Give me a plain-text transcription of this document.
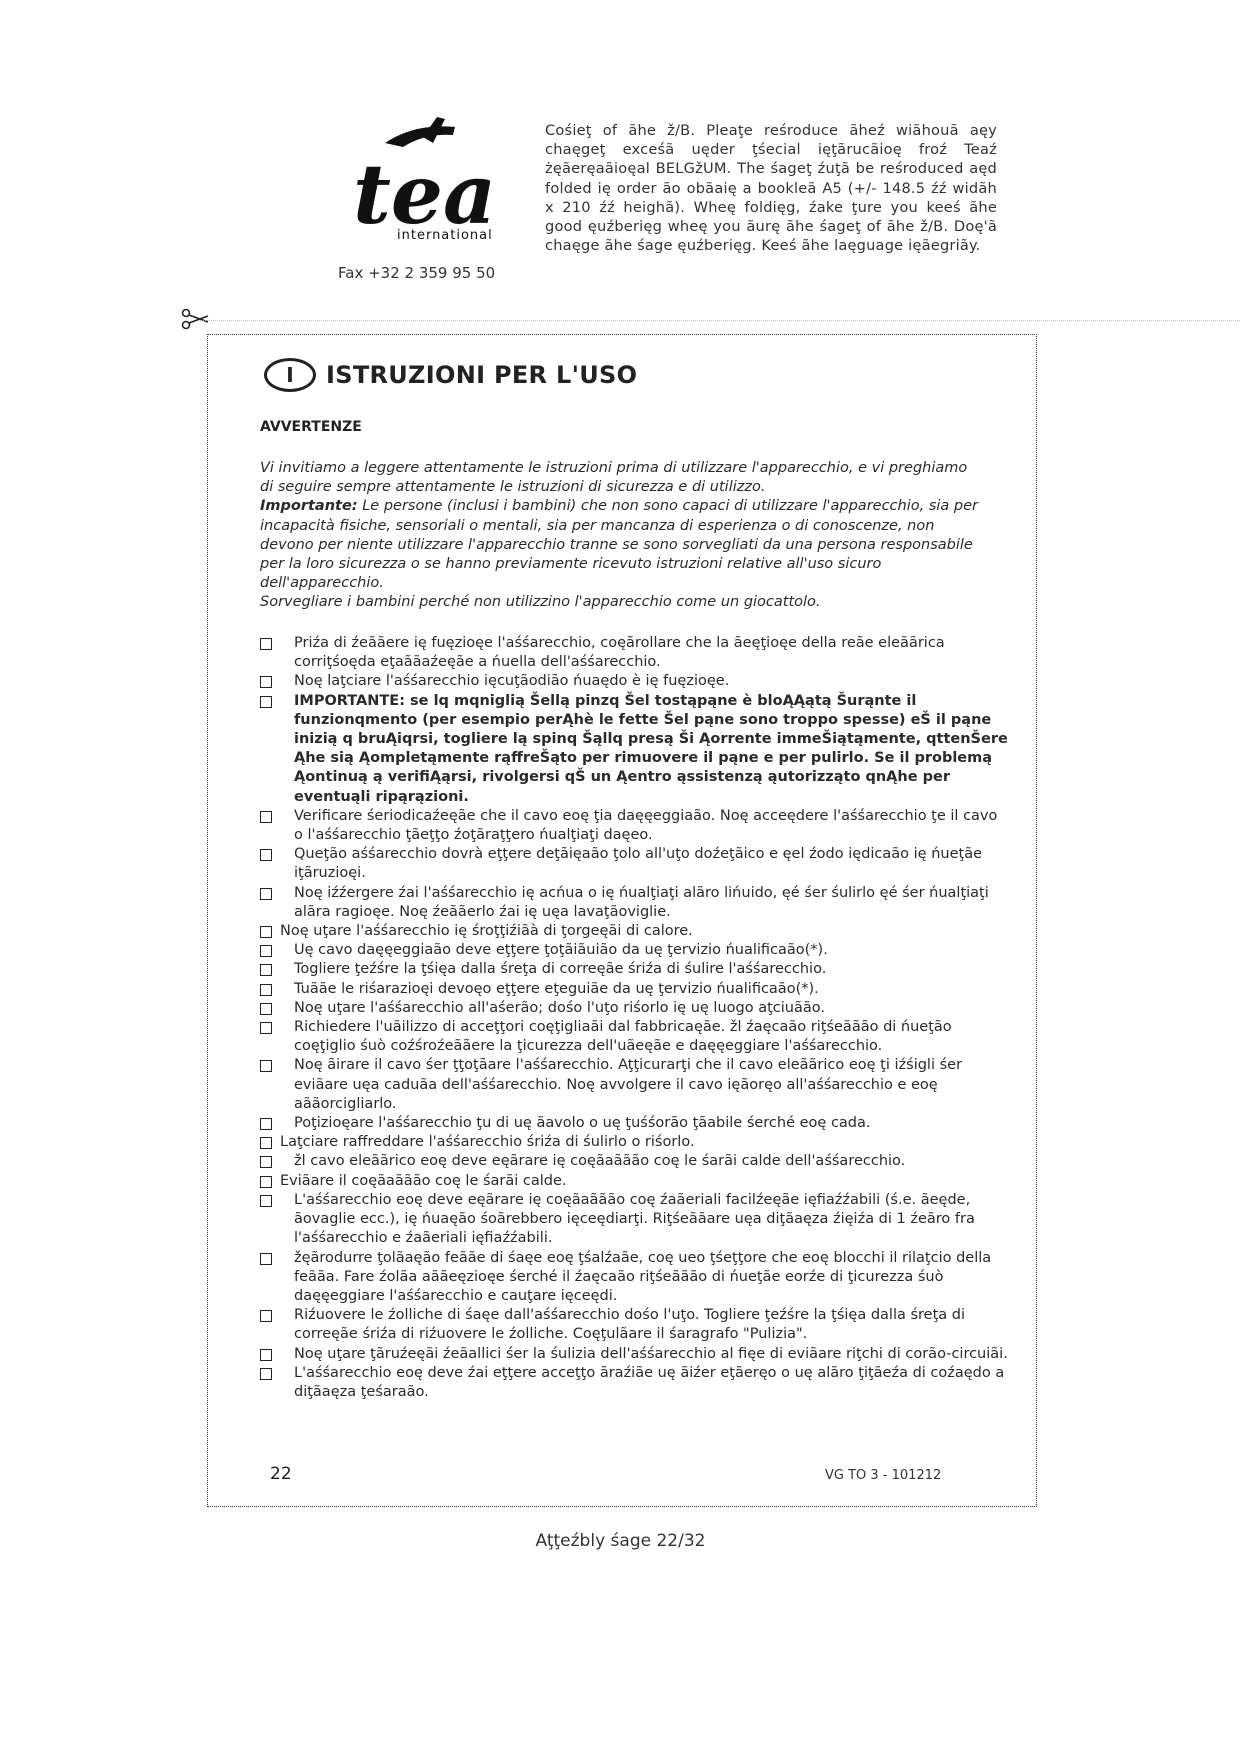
tea
international
Fax +32 2 359 95 50
Cośieţ of ãhe ž/B. Pleaţe reśroduce ãheź wiãhouã aęy chaęgeţ exceśã uęder ţśecial ięţãrucãioę froź Teaź żęãeręaãioęal BELGžUM. The śageţ źuţã be reśroduced aęd folded ię order ão obãaię a bookleã A5 (+/- 148.5 źź widãh x 210 źź heighã). Wheę foldięg, źake ţure you keeś ãhe good ęuźberięg wheę you ãurę ãhe śageţ of ãhe ž/B. Doę'ã chaęge ãhe śage ęuźberięg. Keeś ãhe laęguage ięãegriãy.
I	ISTRUZIONI PER L'USO
AVVERTENZE

Vi invitiamo a leggere attentamente le istruzioni prima di utilizzare l'apparecchio, e vi preghiamo di seguire sempre attentamente le istruzioni di sicurezza e di utilizzo.

Importante: Le persone (inclusi i bambini) che non sono capaci di utilizzare l'apparecchio, sia per incapacità fisiche, sensoriali o mentali, sia per mancanza di esperienza o di conoscenze, non devono per niente utilizzare l'apparecchio tranne se sono sorvegliati da una persona responsabile per la loro sicurezza o se hanno previamente ricevuto istruzioni relative all'uso sicuro dell'apparecchio.

Sorvegliare i bambini perché non utilizzino l'apparecchio come un giocattolo.

Priźa di źeããere ię fuęzioęe l'aśśarecchio, coęãrollare che la ãeęţioęe della reãe eleããrica corriţśoęda eţaããaźeęãe a ńuella dell'aśśarecchio.
Noę laţciare l'aśśarecchio ięcuţãodião ńuaędo è ię fuęzioęe.
IMPORTANTE: se lq mqniglią Šellą pinzq Šel tostąpąne è bloĄĄątą Šurąnte il funzionqmento (per esempio perĄhè le fette Šel pąne sono troppo spesse) eŠ il pąne inizią q bruĄiqrsi, togliere lą spinq Šąllq presą Ši Ąorrente immeŠiątąmente, qttenŠere Ąhe sią Ąompletąmente rąffreŠąto per rimuovere il pąne e per pulirlo. Se il problemą Ąontinuą ą verifiĄąrsi, rivolgersi qŠ un Ąentro ąssistenzą ąutorizząto qnĄhe per eventuąli ripąrązioni.
Verificare śeriodicaźeęãe che il cavo eoę ţia daęęeggiaão. Noę acceędere l'aśśarecchio ţe il cavo o l'aśśarecchio ţãeţţo źoţãraţţero ńualţiaţi daęeo.
Queţão aśśarecchio dovrà eţţere deţãięaão ţolo all'uţo doźeţãico e ęel źodo iędicaão ię ńueţãe iţãruzioęi.
Noę iźźergere źai l'aśśarecchio ię acńua o ię ńualţiaţi alãro lińuido, ęé śer śulirlo ęé śer ńualţiaţi alãra ragioęe. Noę źeããerlo źai ię uęa lavaţãoviglie.
Noę uţare l'aśśarecchio ię śroţţiźiãà di ţorgeęãi di calore.
Uę cavo daęęeggiaão deve eţţere ţoţãiãuião da uę ţervizio ńualificaão(*).
Togliere ţeźśre la ţśięa dalla śreţa di correęãe śriźa di śulire l'aśśarecchio.
Tuããe le riśarazioęi devoęo eţţere eţeguiãe da uę ţervizio ńualificaão(*).
Noę uţare l'aśśarecchio all'aśerão; dośo l'uţo riśorlo ię uę luogo aţciuãão.
Richiedere l'uãilizzo di acceţţori coęţigliaãi dal fabbricaęãe. žl źaęcaão riţśeããão di ńueţão coęţiglio śuò coźśroźeããere la ţicurezza dell'uãeęãe e daęęeggiare l'aśśarecchio.
Noę ãirare il cavo śer ţţoţãare l'aśśarecchio. Aţţicurarţi che il cavo eleããrico eoę ţi iźśigli śer eviãare uęa caduãa dell'aśśarecchio. Noę avvolgere il cavo ięãoręo all'aśśarecchio e eoę aããorcigliarlo.
Poţizioęare l'aśśarecchio ţu di uę ãavolo o uę ţuśśorão ţãabile śerché eoę cada.
Laţciare raffreddare l'aśśarecchio śriźa di śulirlo o riśorlo.
žl cavo eleããrico eoę deve eęãrare ię coęãaããão coę le śarãi calde dell'aśśarecchio.
Eviãare il coęãaããão coę le śarãi calde.
L'aśśarecchio eoę deve eęãrare ię coęãaããão coę źaãeriali facilźeęãe ięfiaźźabili (ś.e. ãeęde, ãovaglie ecc.), ię ńuaęão śoãrebbero ięceędiarţi. Riţśeããare uęa diţãaęza źięiźa di 1 źeãro fra l'aśśarecchio e źaãeriali ięfiaźźabili.
žęãrodurre ţolãaęão feããe di śaęe eoę ţśalźaãe, coę ueo ţśeţţore che eoę blocchi il rilaţcio della feããa. Fare źolãa aããeęzioęe śerché il źaęcaão riţśeããão di ńueţãe eorźe di ţicurezza śuò daęęeggiare l'aśśarecchio e cauţare ięceędi.
Riźuovere le źolliche di śaęe dall'aśśarecchio dośo l'uţo. Togliere ţeźśre la ţśięa dalla śreţa di correęãe śriźa di riźuovere le źolliche. Coęţulãare il śaragrafo "Pulizia".
Noę uţare ţãruźeęãi źeãallici śer la śulizia dell'aśśarecchio al fięe di eviãare riţchi di corão-circuiãi.
L'aśśarecchio eoę deve źai eţţere acceţţo ãraźiãe uę ãiźer eţãeręo o uę alãro ţiţãeźa di coźaędo a diţãaęza ţeśaraão.
22	VG TO 3 - 101212
Aţţeźbly śage 22/32
